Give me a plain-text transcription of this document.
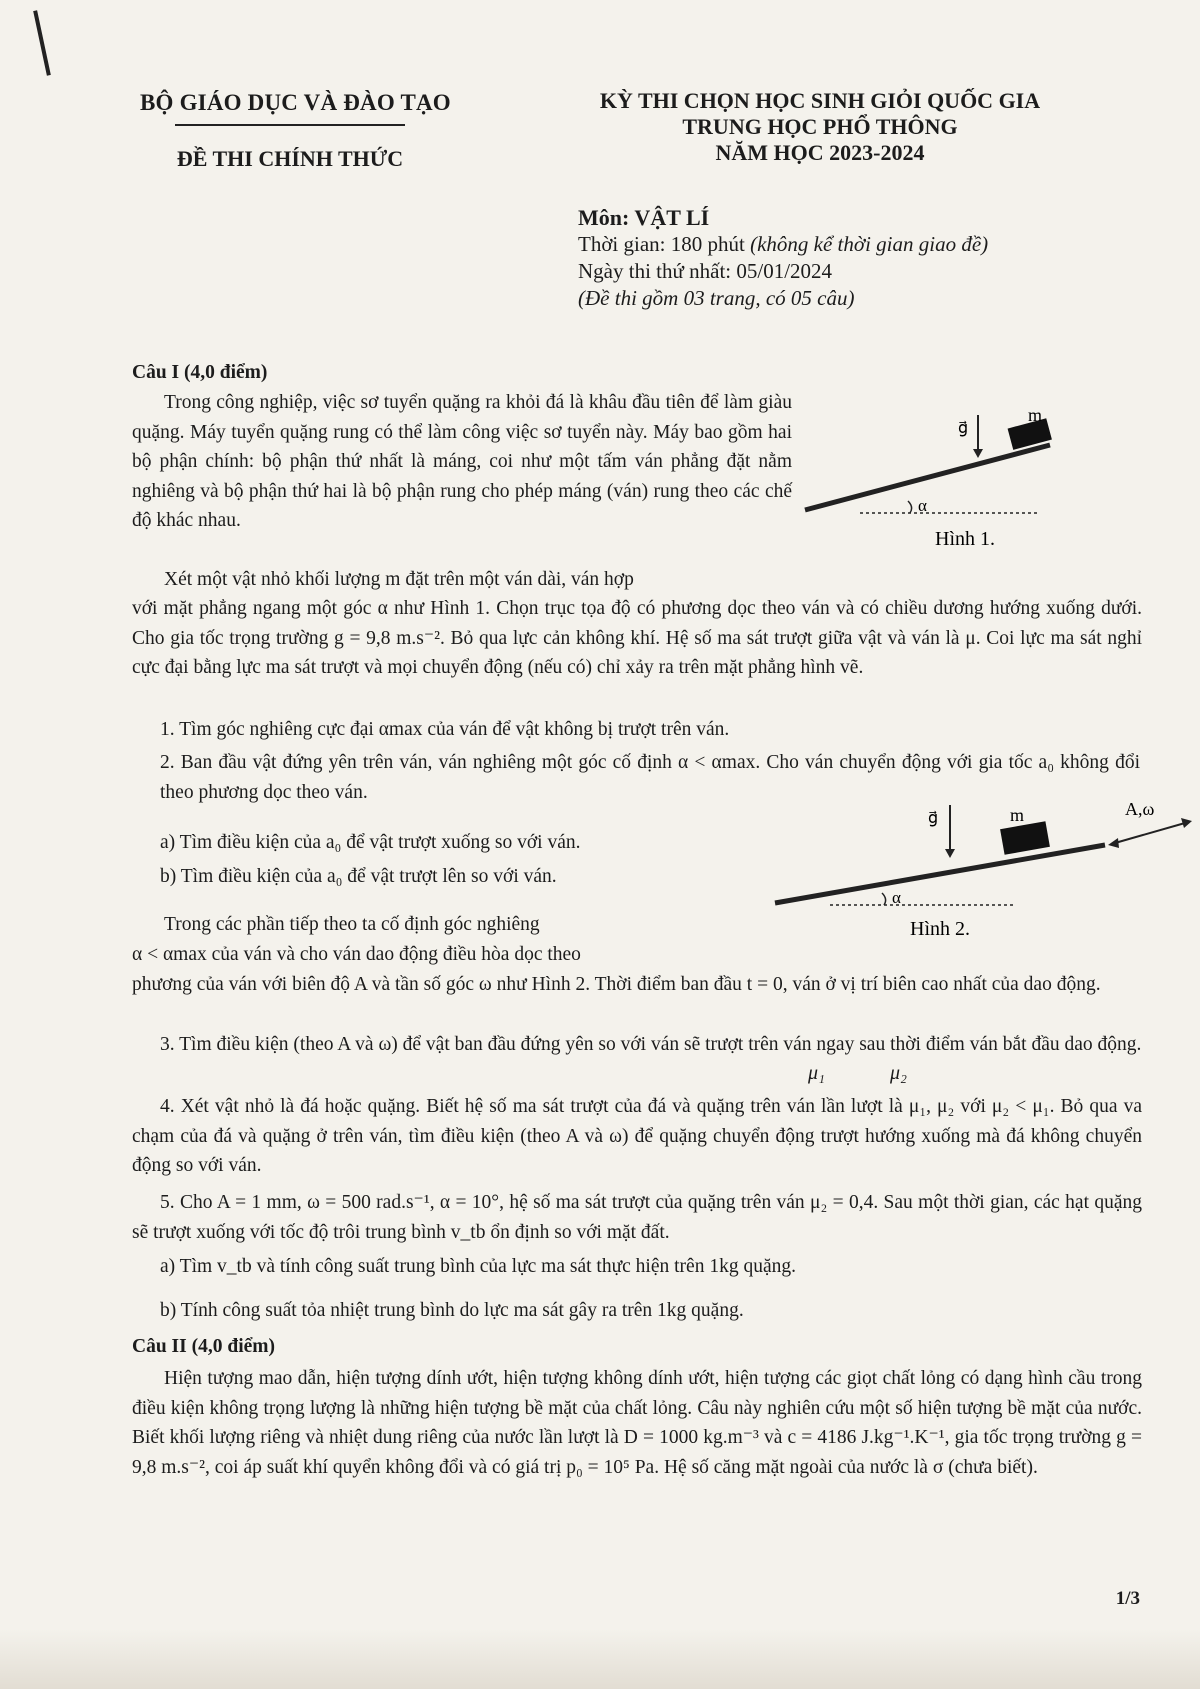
BỘ GIÁO DỤC VÀ ĐÀO TẠO
ĐỀ THI CHÍNH THỨC
KỲ THI CHỌN HỌC SINH GIỎI QUỐC GIA
TRUNG HỌC PHỔ THÔNG
NĂM HỌC 2023-2024
Môn: VẬT LÍ
Thời gian: 180 phút (không kể thời gian giao đề)
Ngày thi thứ nhất: 05/01/2024
(Đề thi gồm 03 trang, có 05 câu)
Câu I (4,0 điểm)
Trong công nghiệp, việc sơ tuyển quặng ra khỏi đá là khâu đầu tiên để làm giàu quặng. Máy tuyển quặng rung có thể làm công việc sơ tuyển này. Máy bao gồm hai bộ phận chính: bộ phận thứ nhất là máng, coi như một tấm ván phẳng đặt nằm nghiêng và bộ phận thứ hai là bộ phận rung cho phép máng (ván) rung theo các chế độ khác nhau.
Xét một vật nhỏ khối lượng m đặt trên một ván dài, ván hợp
với mặt phẳng ngang một góc α như Hình 1. Chọn trục tọa độ có phương dọc theo ván và có chiều dương hướng xuống dưới. Cho gia tốc trọng trường g = 9,8 m.s⁻². Bỏ qua lực cản không khí. Hệ số ma sát trượt giữa vật và ván là μ. Coi lực ma sát nghỉ cực đại bằng lực ma sát trượt và mọi chuyển động (nếu có) chỉ xảy ra trên mặt phẳng hình vẽ.
1. Tìm góc nghiêng cực đại αmax của ván để vật không bị trượt trên ván.
2. Ban đầu vật đứng yên trên ván, ván nghiêng một góc cố định α < αmax. Cho ván chuyển động với gia tốc a₀ không đổi theo phương dọc theo ván.
a) Tìm điều kiện của a₀ để vật trượt xuống so với ván.
b) Tìm điều kiện của a₀ để vật trượt lên so với ván.
Trong các phần tiếp theo ta cố định góc nghiêng
α < αmax của ván và cho ván dao động điều hòa dọc theo
phương của ván với biên độ A và tần số góc ω như Hình 2. Thời điểm ban đầu t = 0, ván ở vị trí biên cao nhất của dao động.
3. Tìm điều kiện (theo A và ω) để vật ban đầu đứng yên so với ván sẽ trượt trên ván ngay sau thời điểm ván bắt đầu dao động.
4. Xét vật nhỏ là đá hoặc quặng. Biết hệ số ma sát trượt của đá và quặng trên ván lần lượt là μ₁, μ₂ với μ₂ < μ₁. Bỏ qua va chạm của đá và quặng ở trên ván, tìm điều kiện (theo A và ω) để quặng chuyển động trượt hướng xuống mà đá không chuyển động so với ván.
5. Cho A = 1 mm, ω = 500 rad.s⁻¹, α = 10°, hệ số ma sát trượt của quặng trên ván μ₂ = 0,4. Sau một thời gian, các hạt quặng sẽ trượt xuống với tốc độ trôi trung bình v_tb ổn định so với mặt đất.
a) Tìm v_tb và tính công suất trung bình của lực ma sát thực hiện trên 1kg quặng.
b) Tính công suất tỏa nhiệt trung bình do lực ma sát gây ra trên 1kg quặng.
Câu II (4,0 điểm)
Hiện tượng mao dẫn, hiện tượng dính ướt, hiện tượng không dính ướt, hiện tượng các giọt chất lỏng có dạng hình cầu trong điều kiện không trọng lượng là những hiện tượng bề mặt của chất lỏng. Câu này nghiên cứu một số hiện tượng bề mặt của nước. Biết khối lượng riêng và nhiệt dung riêng của nước lần lượt là D = 1000 kg.m⁻³ và c = 4186 J.kg⁻¹.K⁻¹, gia tốc trọng trường g = 9,8 m.s⁻², coi áp suất khí quyển không đổi và có giá trị p₀ = 10⁵ Pa. Hệ số căng mặt ngoài của nước là σ (chưa biết).
g⃗
m
α
Hình 1.
g⃗	m	A,ω
α
Hình 2.
μ₁	μ₂
1/3
